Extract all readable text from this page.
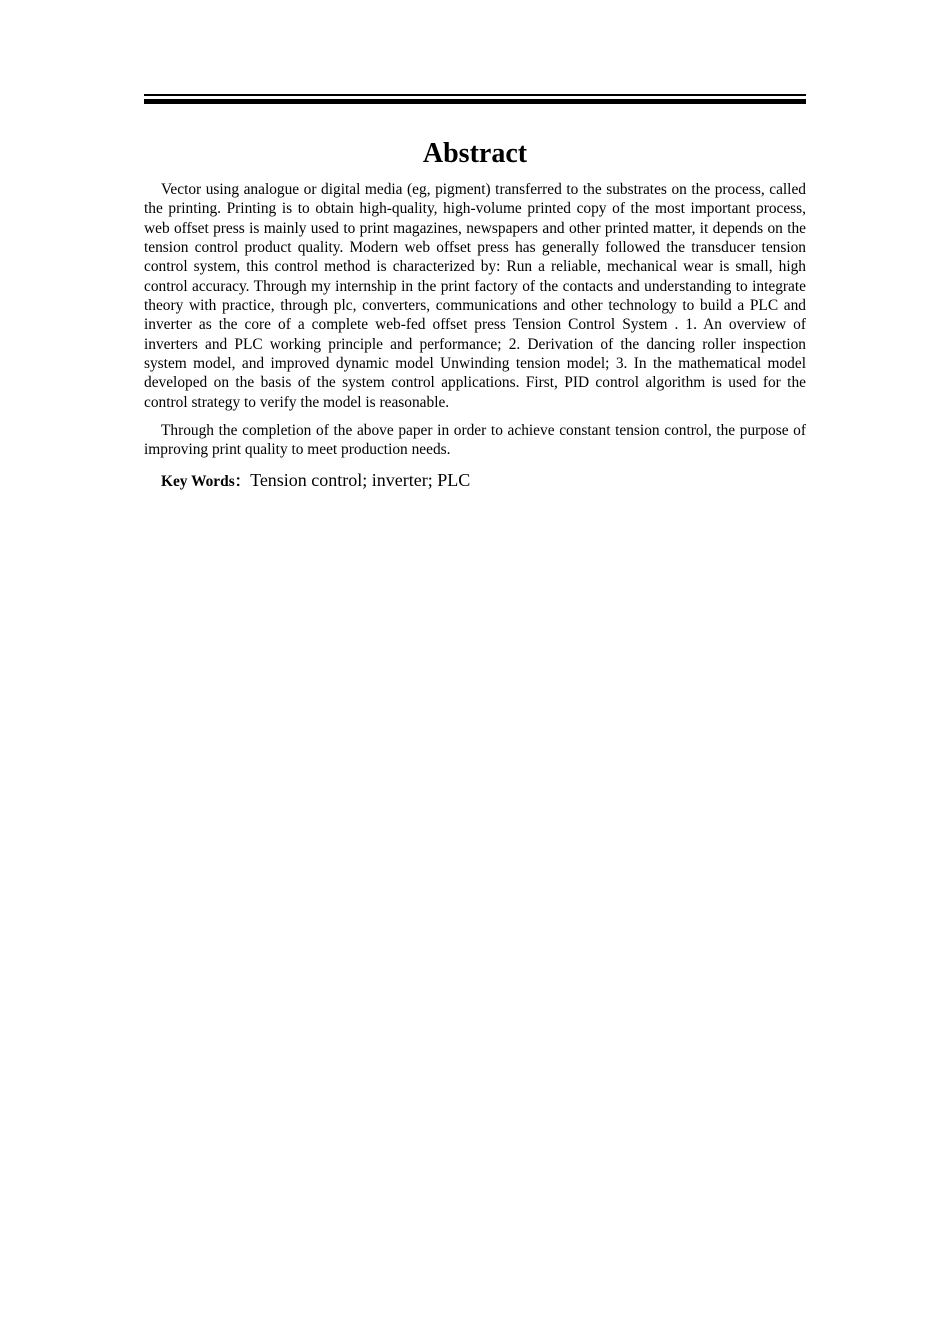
Abstract

Vector using analogue or digital media (eg, pigment) transferred to the substrates on the process, called the printing. Printing is to obtain high-quality, high-volume printed copy of the most important process, web offset press is mainly used to print magazines, newspapers and other printed matter, it depends on the tension control product quality. Modern web offset press has generally followed the transducer tension control system, this control method is characterized by: Run a reliable, mechanical wear is small, high control accuracy. Through my internship in the print factory of the contacts and understanding to integrate theory with practice, through plc, converters, communications and other technology to build a PLC and inverter as the core of a complete web-fed offset press Tension Control System . 1. An overview of inverters and PLC working principle and performance; 2. Derivation of the dancing roller inspection system model, and improved dynamic model Unwinding tension model; 3. In the mathematical model developed on the basis of the system control applications. First, PID control algorithm is used for the control strategy to verify the model is reasonable.

Through the completion of the above paper in order to achieve constant tension control, the purpose of improving print quality to meet production needs.

Key Words：Tension control; inverter; PLC
